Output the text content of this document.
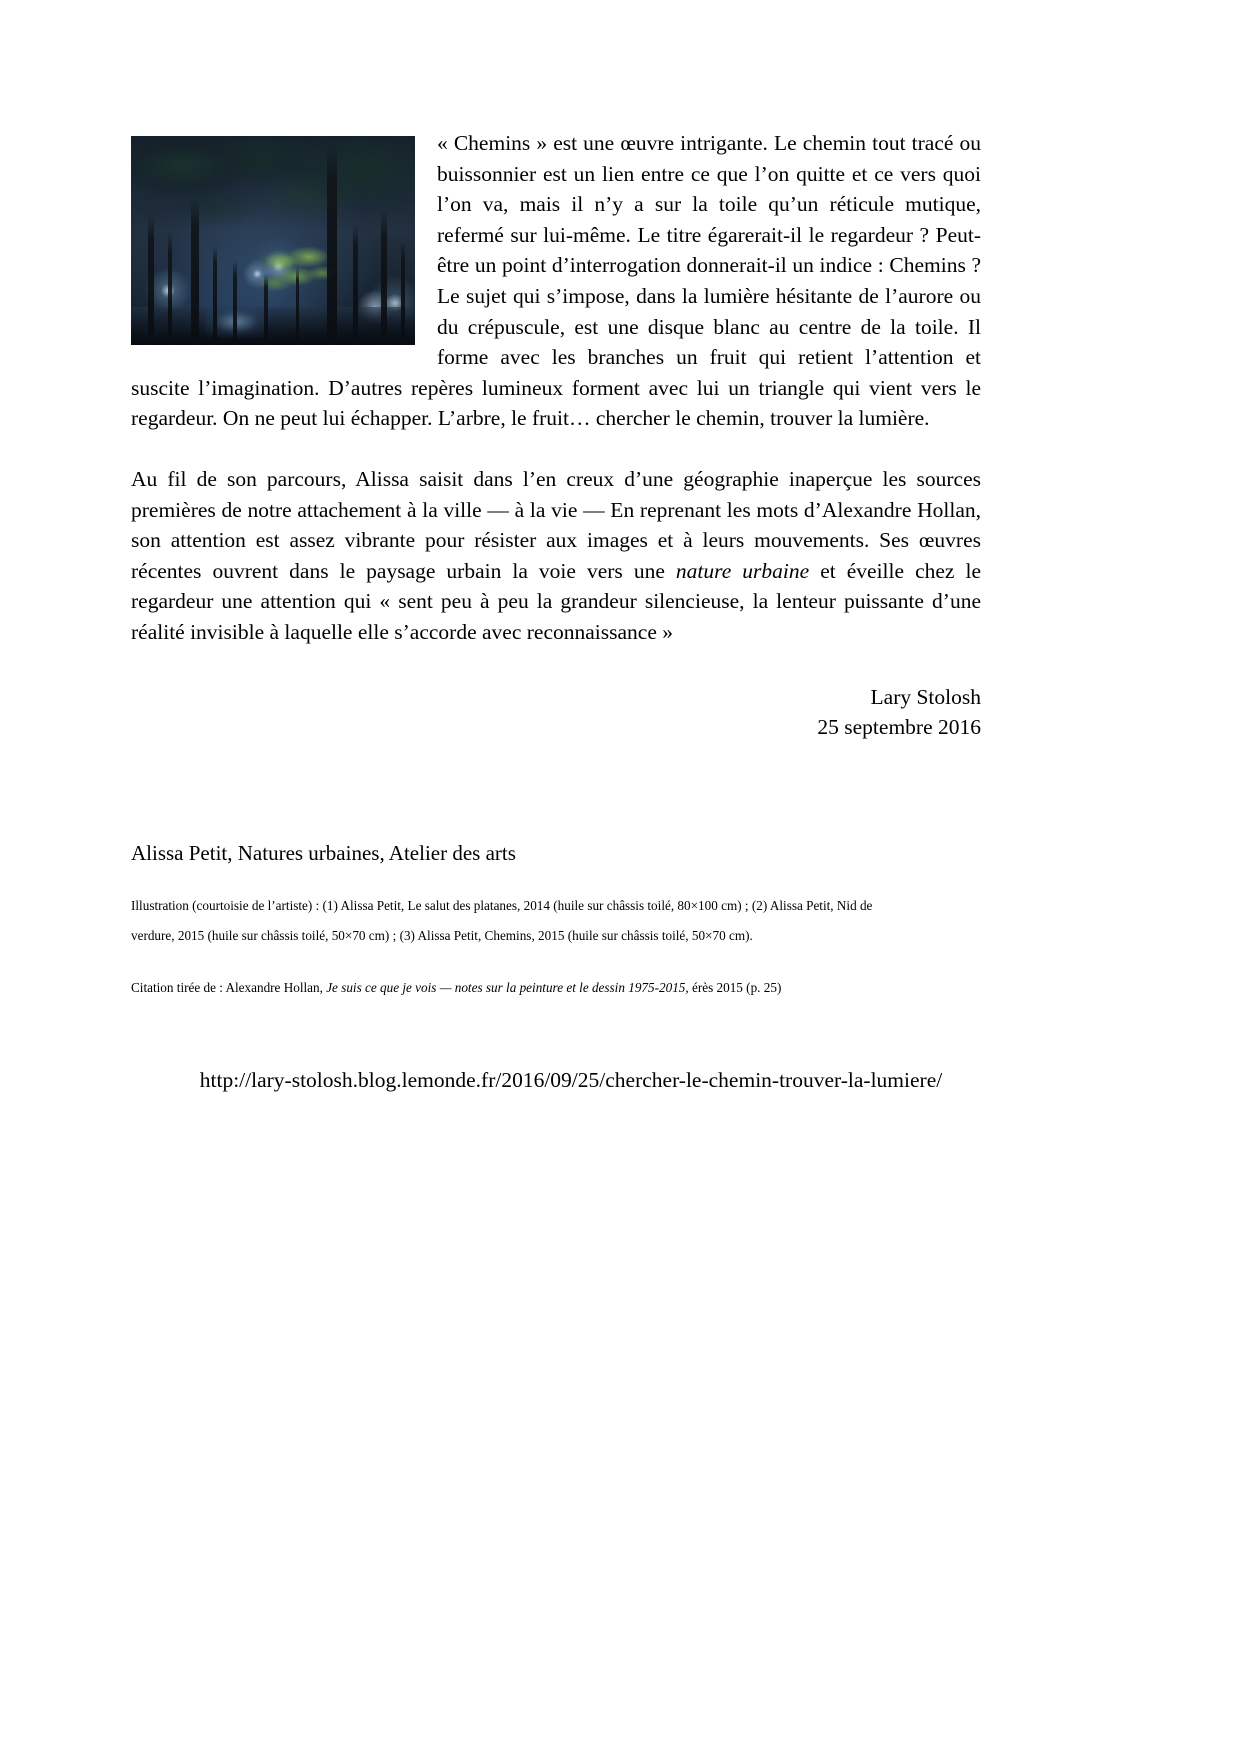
« Chemins » est une œuvre intrigante. Le chemin tout tracé ou buissonnier est un lien entre ce que l’on quitte et ce vers quoi l’on va, mais il n’y a sur la toile qu’un réticule mutique, refermé sur lui-même. Le titre égarerait-il le regardeur ? Peut-être un point d’interrogation donnerait-il un indice : Chemins ? Le sujet qui s’impose, dans la lumière hésitante de l’aurore ou du crépuscule, est une disque blanc au centre de la toile. Il forme avec les branches un fruit qui retient l’attention et suscite l’imagination. D’autres repères lumineux forment avec lui un triangle qui vient vers le regardeur. On ne peut lui échapper. L’arbre, le fruit… chercher le chemin, trouver la lumière.

Au fil de son parcours, Alissa saisit dans l’en creux d’une géographie inaperçue les sources premières de notre attachement à la ville — à la vie — En reprenant les mots d’Alexandre Hollan, son attention est assez vibrante pour résister aux images et à leurs mouvements. Ses œuvres récentes ouvrent dans le paysage urbain la voie vers une nature urbaine et éveille chez le regardeur une attention qui « sent peu à peu la grandeur silencieuse, la lenteur puissante d’une réalité invisible à laquelle elle s’accorde avec reconnaissance »

Lary Stolosh
25 septembre 2016
Alissa Petit, Natures urbaines, Atelier des arts
Illustration (courtoisie de l’artiste) : (1) Alissa Petit, Le salut des platanes, 2014 (huile sur châssis toilé, 80×100 cm) ; (2) Alissa Petit, Nid de
verdure, 2015 (huile sur châssis toilé, 50×70 cm) ; (3) Alissa Petit, Chemins, 2015 (huile sur châssis toilé, 50×70 cm).
Citation tirée de : Alexandre Hollan, Je suis ce que je vois — notes sur la peinture et le dessin 1975-2015, érès 2015 (p. 25)
http://lary-stolosh.blog.lemonde.fr/2016/09/25/chercher-le-chemin-trouver-la-lumiere/
